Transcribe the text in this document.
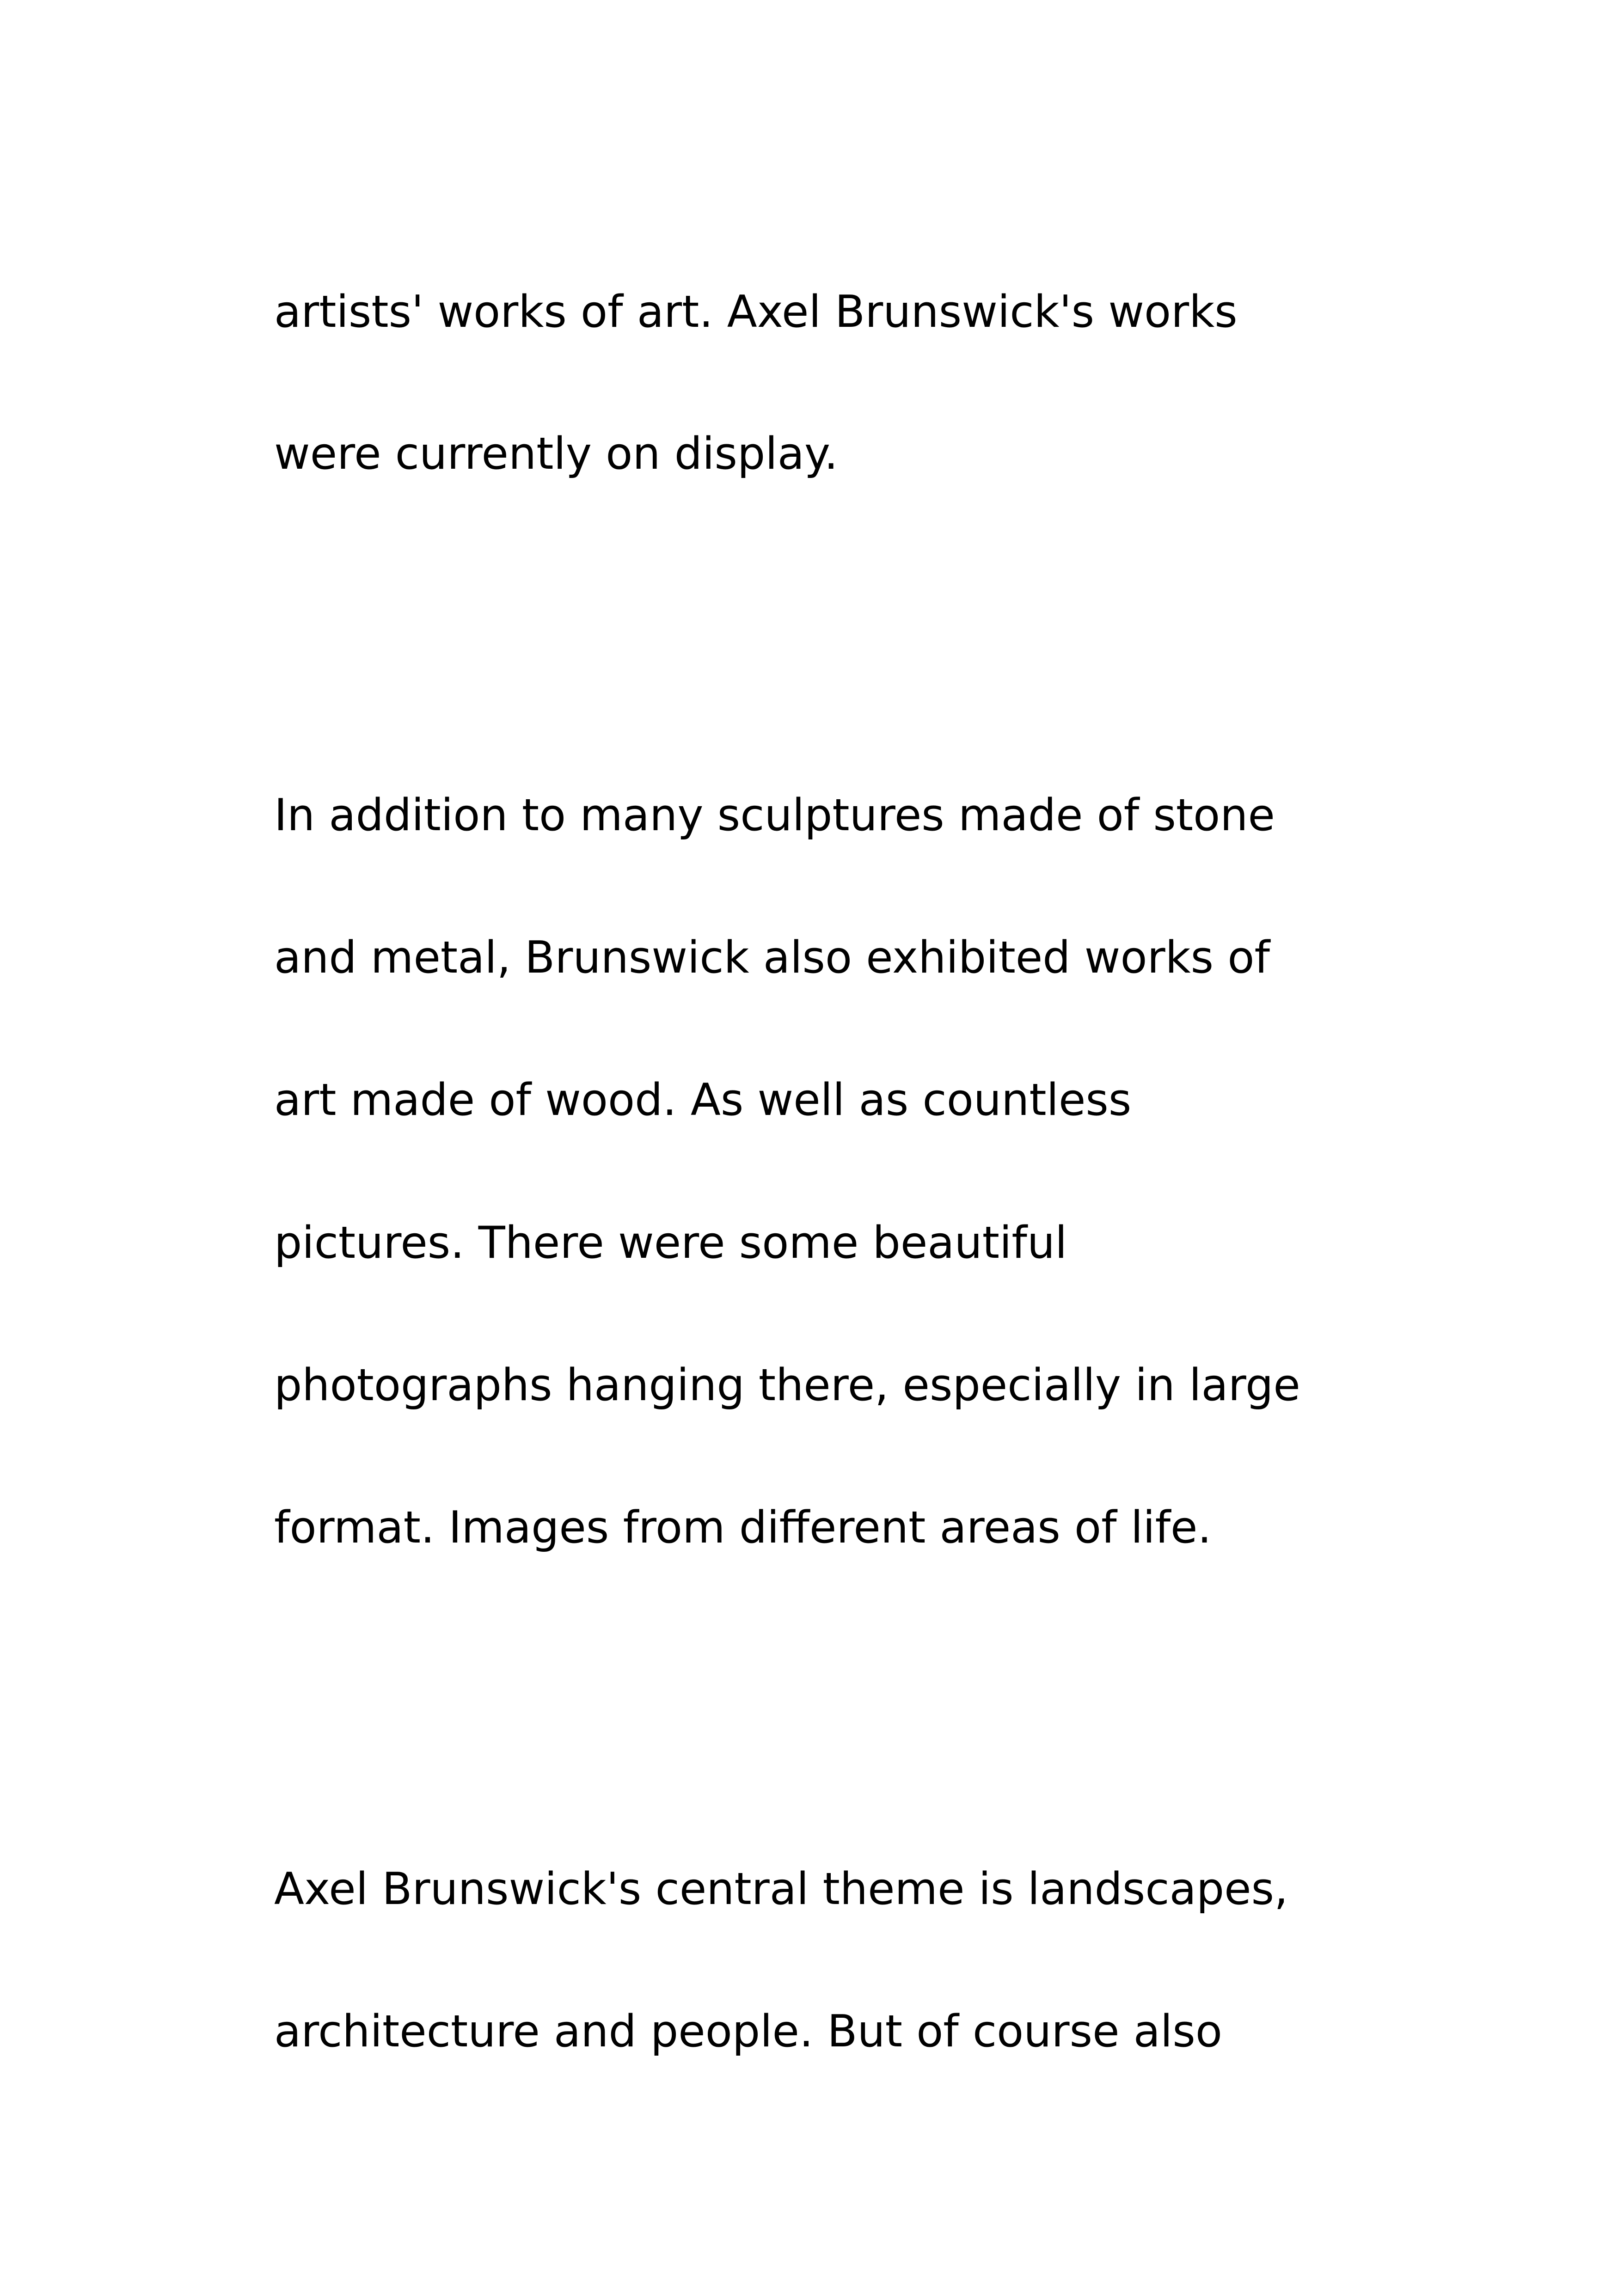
artists' works of art. Axel Brunswick's works

were currently on display.

In addition to many sculptures made of stone

and metal, Brunswick also exhibited works of

art made of wood. As well as countless

pictures. There were some beautiful

photographs hanging there, especially in large

format. Images from different areas of life.

Axel Brunswick's central theme is landscapes,

architecture and people. But of course also
